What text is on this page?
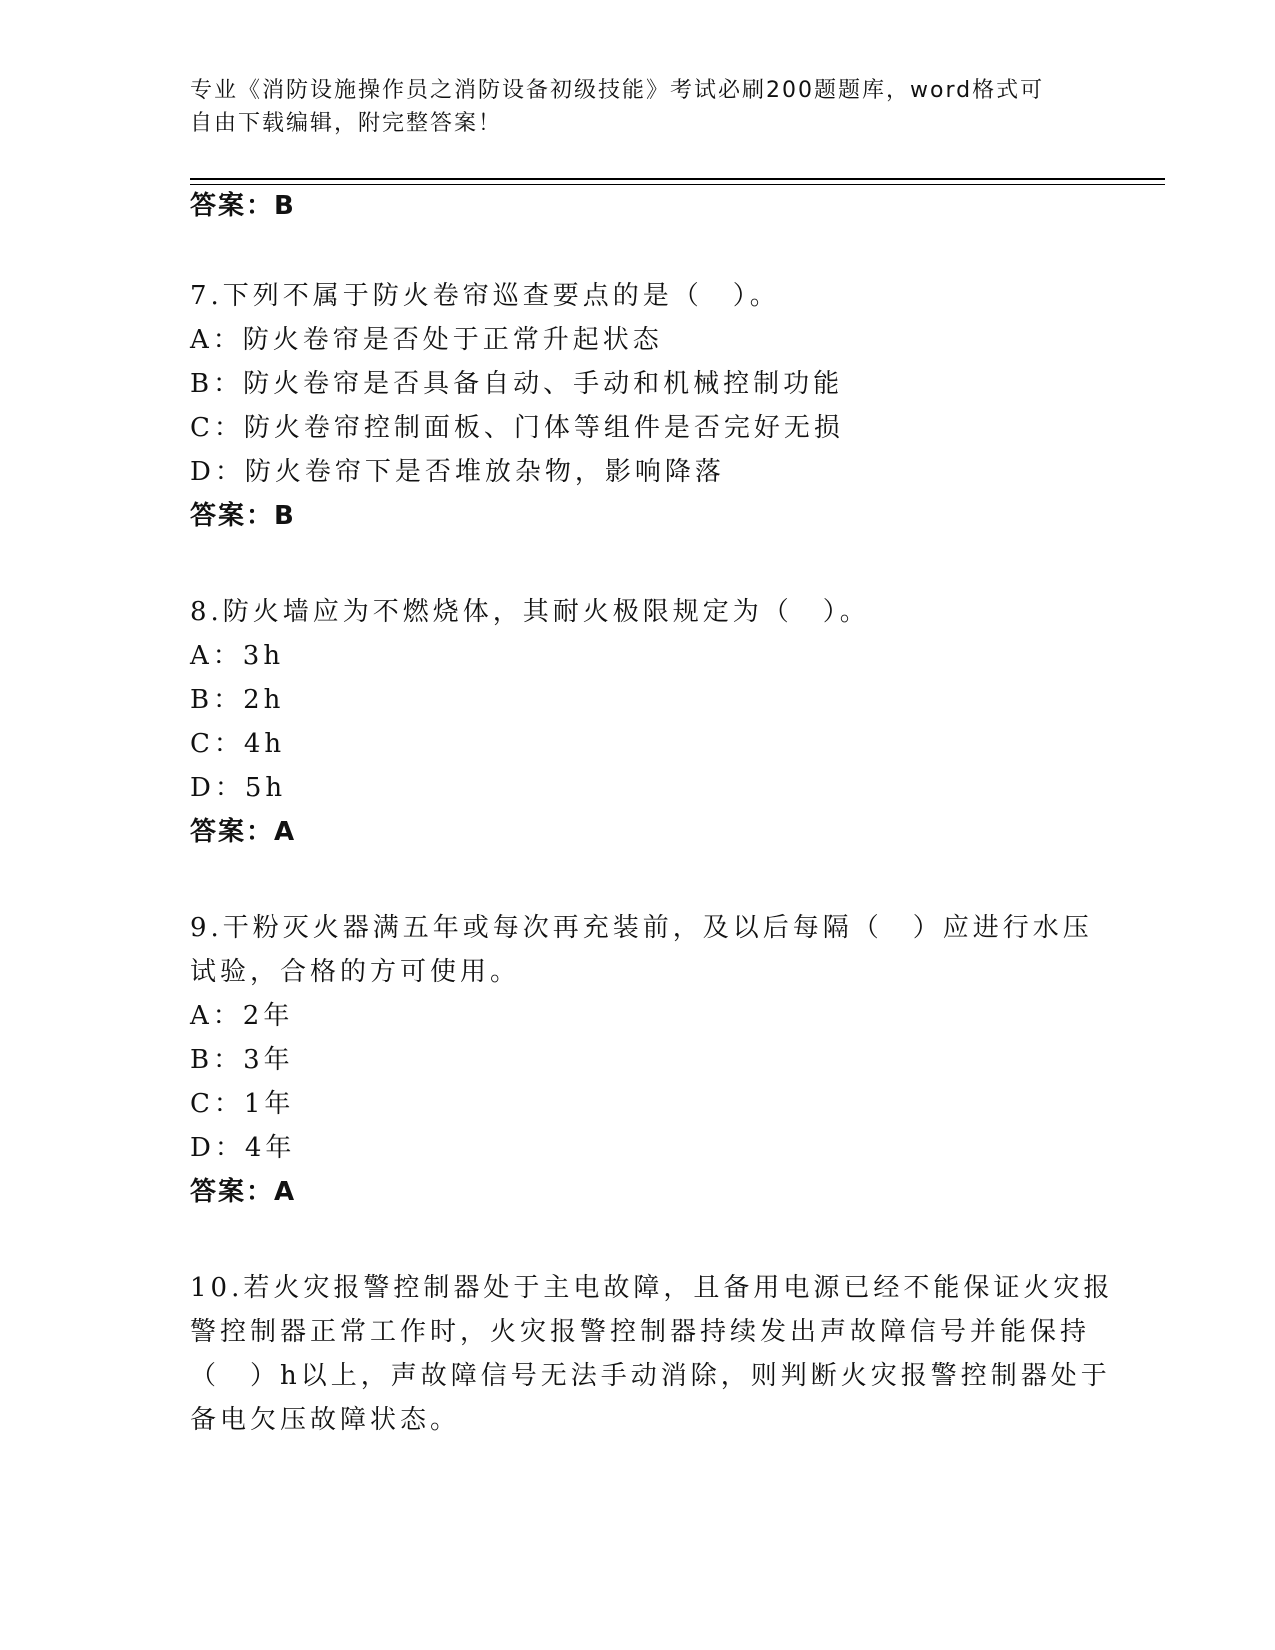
专业《消防设施操作员之消防设备初级技能》考试必刷200题题库，word格式可
自由下载编辑，附完整答案！
答案：B
7.下列不属于防火卷帘巡查要点的是（　）。
A：防火卷帘是否处于正常升起状态
B：防火卷帘是否具备自动、手动和机械控制功能
C：防火卷帘控制面板、门体等组件是否完好无损
D：防火卷帘下是否堆放杂物，影响降落
答案：B
8.防火墙应为不燃烧体，其耐火极限规定为（　）。
A：3h
B：2h
C：4h
D：5h
答案：A
9.干粉灭火器满五年或每次再充装前，及以后每隔（　）应进行水压
试验，合格的方可使用。
A：2年
B：3年
C：1年
D：4年
答案：A
10.若火灾报警控制器处于主电故障，且备用电源已经不能保证火灾报
警控制器正常工作时，火灾报警控制器持续发出声故障信号并能保持
（　）h以上，声故障信号无法手动消除，则判断火灾报警控制器处于
备电欠压故障状态。
